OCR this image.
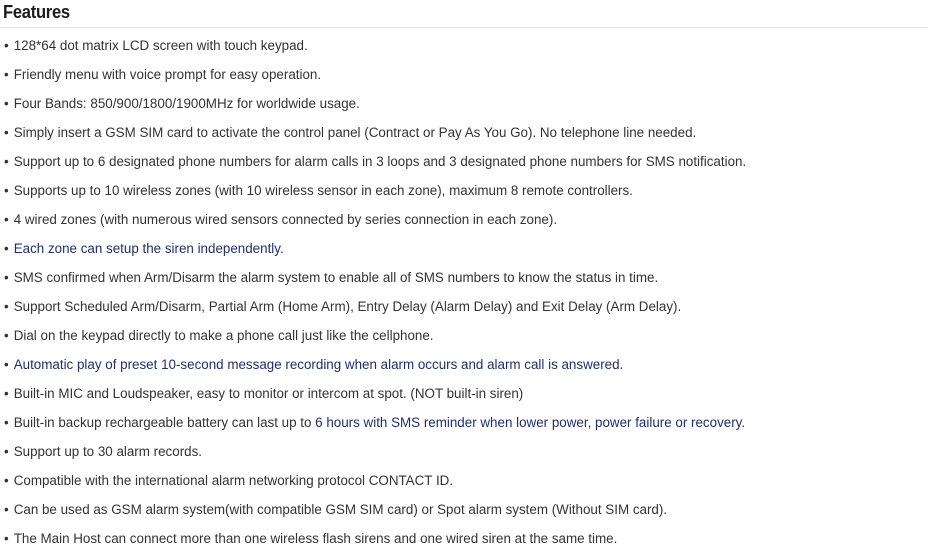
Features
• 128*64 dot matrix LCD screen with touch keypad.
• Friendly menu with voice prompt for easy operation.
• Four Bands: 850/900/1800/1900MHz for worldwide usage.
• Simply insert a GSM SIM card to activate the control panel (Contract or Pay As You Go). No telephone line needed.
• Support up to 6 designated phone numbers for alarm calls in 3 loops and 3 designated phone numbers for SMS notification.
• Supports up to 10 wireless zones (with 10 wireless sensor in each zone), maximum 8 remote controllers.
• 4 wired zones (with numerous wired sensors connected by series connection in each zone).
• Each zone can setup the siren independently.
• SMS confirmed when Arm/Disarm the alarm system to enable all of SMS numbers to know the status in time.
• Support Scheduled Arm/Disarm, Partial Arm (Home Arm), Entry Delay (Alarm Delay) and Exit Delay (Arm Delay).
• Dial on the keypad directly to make a phone call just like the cellphone.
• Automatic play of preset 10-second message recording when alarm occurs and alarm call is answered.
• Built-in MIC and Loudspeaker, easy to monitor or intercom at spot. (NOT built-in siren)
• Built-in backup rechargeable battery can last up to 6 hours with SMS reminder when lower power, power failure or recovery.
• Support up to 30 alarm records.
• Compatible with the international alarm networking protocol CONTACT ID.
• Can be used as GSM alarm system(with compatible GSM SIM card) or Spot alarm system (Without SIM card).
• The Main Host can connect more than one wireless flash sirens and one wired siren at the same time.
